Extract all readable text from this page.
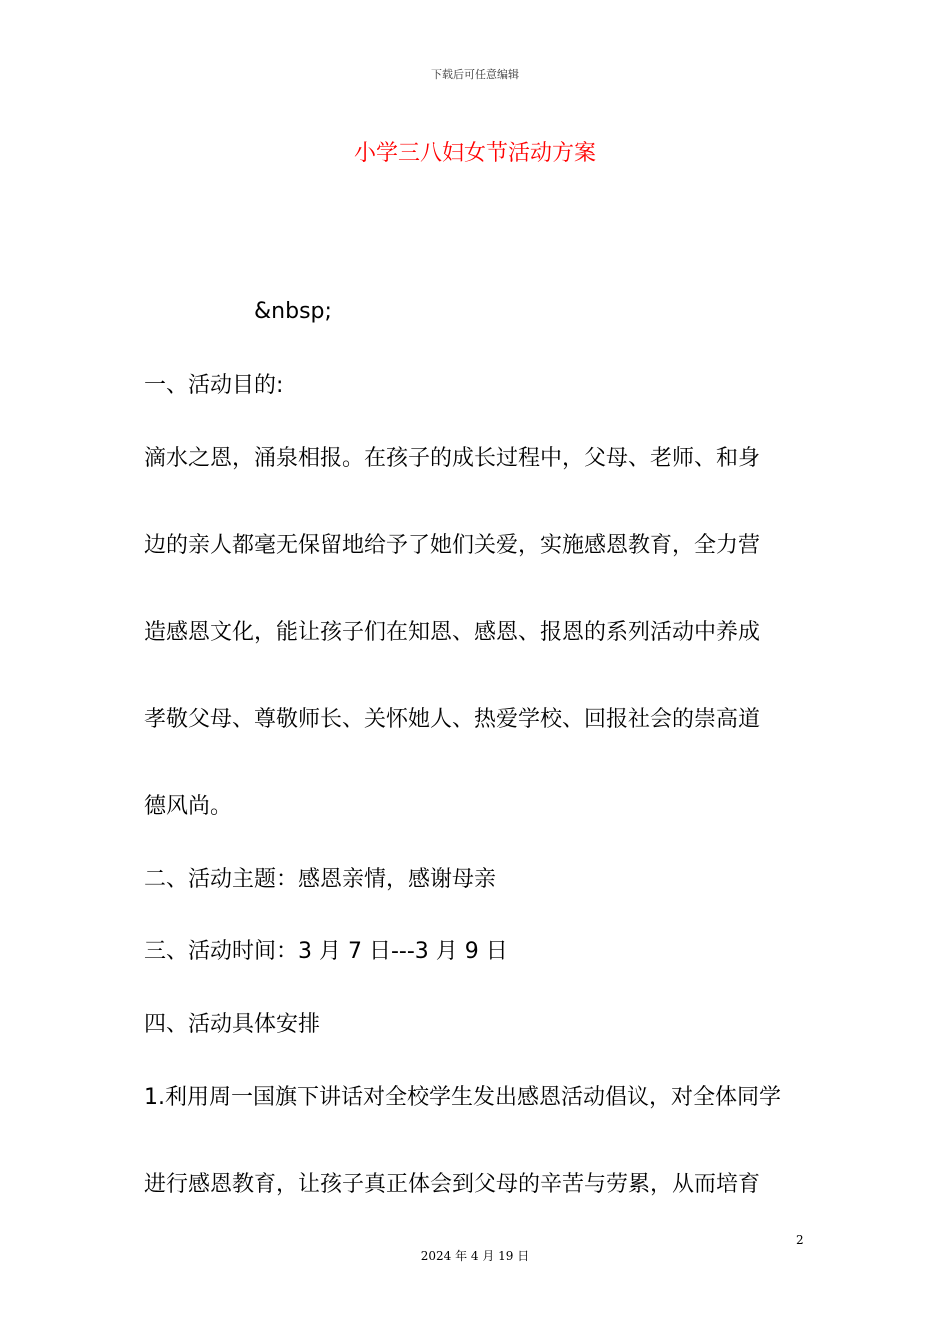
下载后可任意编辑
小学三八妇女节活动方案
&nbsp;
一、活动目的:
滴水之恩，涌泉相报。在孩子的成长过程中，父母、老师、和身
边的亲人都毫无保留地给予了她们关爱，实施感恩教育，全力营
造感恩文化，能让孩子们在知恩、感恩、报恩的系列活动中养成
孝敬父母、尊敬师长、关怀她人、热爱学校、回报社会的崇高道
德风尚。
二、活动主题：感恩亲情，感谢母亲
三、活动时间：3 月 7 日---3 月 9 日
四、活动具体安排
1.利用周一国旗下讲话对全校学生发出感恩活动倡议，对全体同学
进行感恩教育，让孩子真正体会到父母的辛苦与劳累，从而培育
2
2024 年 4 月 19 日
